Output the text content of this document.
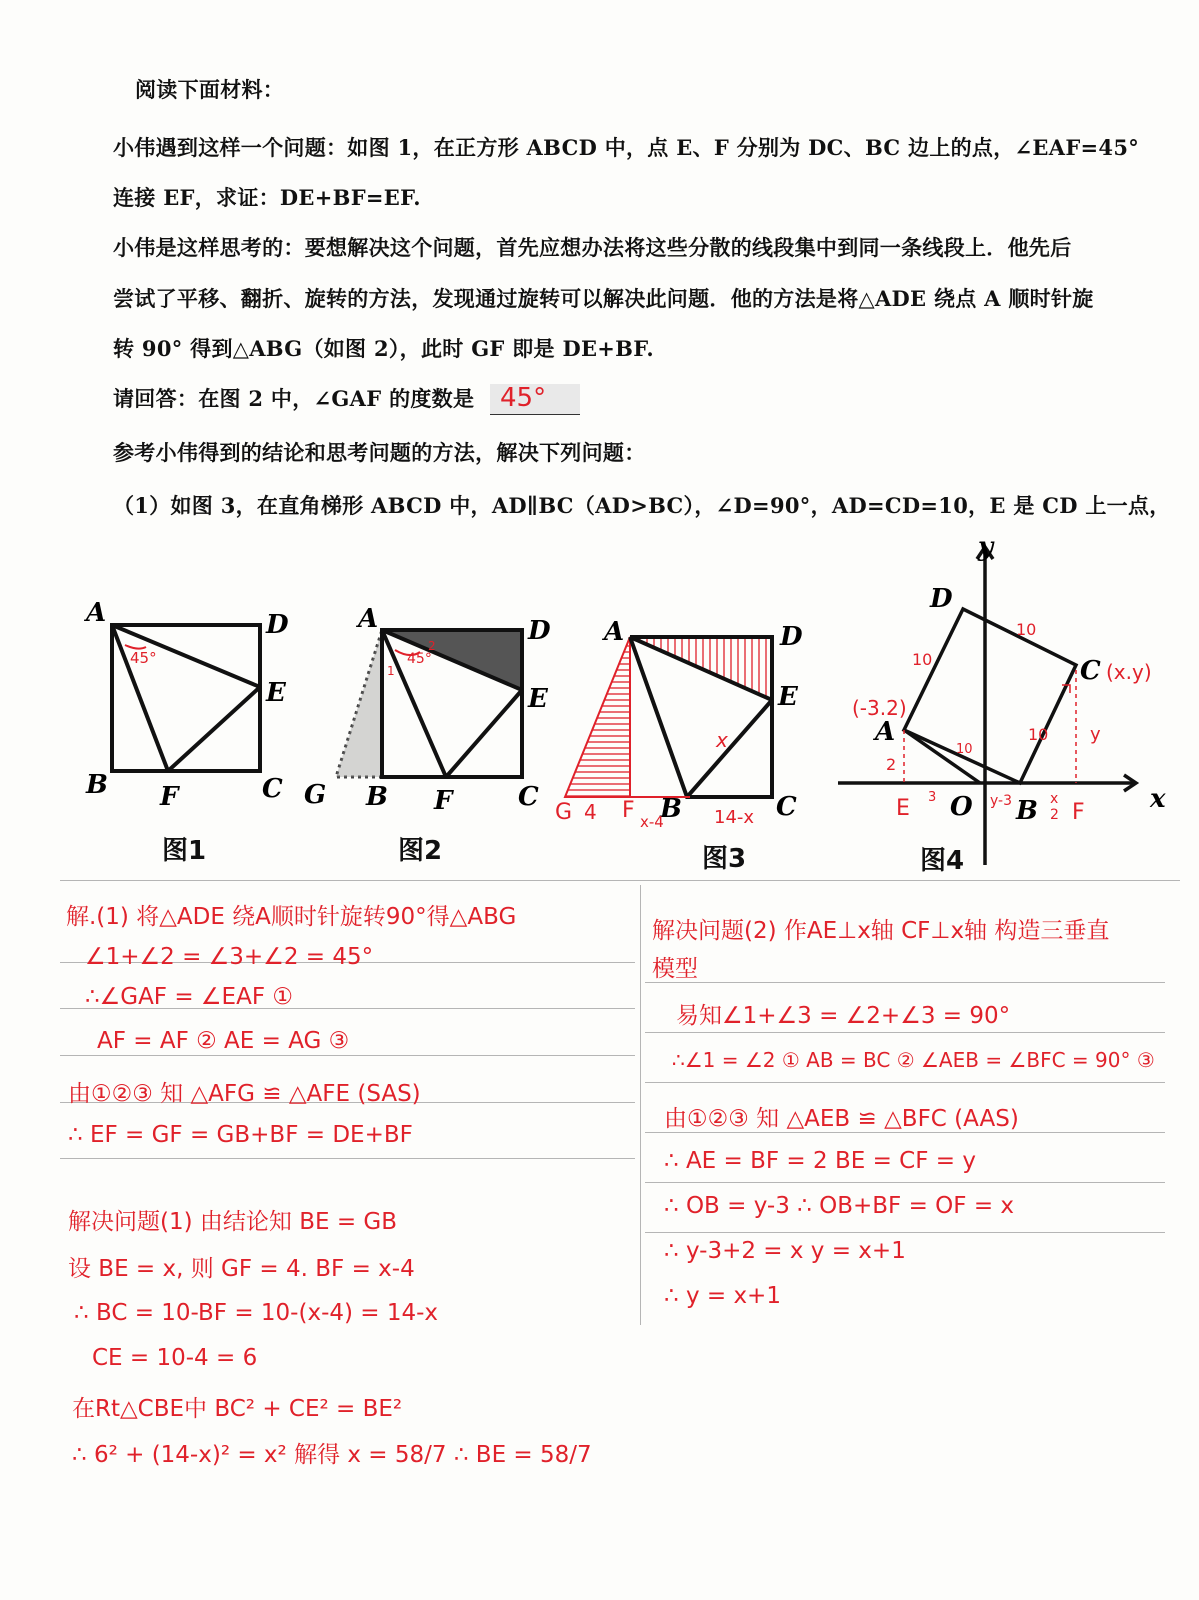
阅读下面材料：
小伟遇到这样一个问题：如图 1，在正方形 ABCD 中，点 E、F 分别为 DC、BC 边上的点，∠EAF=45°
连接 EF，求证：DE+BF=EF.
小伟是这样思考的：要想解决这个问题，首先应想办法将这些分散的线段集中到同一条线段上．他先后
尝试了平移、翻折、旋转的方法，发现通过旋转可以解决此问题．他的方法是将△ADE 绕点 A 顺时针旋
转 90° 得到△ABG（如图 2），此时 GF 即是 DE+BF.
请回答：在图 2 中，∠GAF 的度数是 45°
参考小伟得到的结论和思考问题的方法，解决下列问题：
（1）如图 3，在直角梯形 ABCD 中，AD∥BC（AD>BC），∠D=90°，AD=CD=10，E 是 CD 上一点，
A	D
E
B F	C
45°
A	D
E
G B F	C
45°
1
2	A	D
E
B	C
x
G 4 F x-4	14-x
y
x
D
C
A
O B
(x.y)
(-3.2)
E	F
10
10
10
10
2
3	y-3	x
2
y
图1	图2	图3	图4
解.(1) 将△ADE 绕A顺时针旋转90°得△ABG
∠1+∠2 = ∠3+∠2 = 45°
∴∠GAF = ∠EAF ①
AF = AF ② AE = AG ③
由①②③ 知 △AFG ≌ △AFE (SAS)
∴ EF = GF = GB+BF = DE+BF
解决问题(1) 由结论知 BE = GB
设 BE = x, 则 GF = 4. BF = x-4
∴ BC = 10-BF = 10-(x-4) = 14-x
CE = 10-4 = 6
在Rt△CBE中 BC² + CE² = BE²
∴ 6² + (14-x)² = x² 解得 x = 58/7 ∴ BE = 58/7
解决问题(2) 作AE⊥x轴 CF⊥x轴 构造三垂直
模型
易知∠1+∠3 = ∠2+∠3 = 90°
∴∠1 = ∠2 ① AB = BC ② ∠AEB = ∠BFC = 90° ③
由①②③ 知 △AEB ≌ △BFC (AAS)
∴ AE = BF = 2 BE = CF = y
∴ OB = y-3 ∴ OB+BF = OF = x
∴ y-3+2 = x y = x+1
∴ y = x+1
